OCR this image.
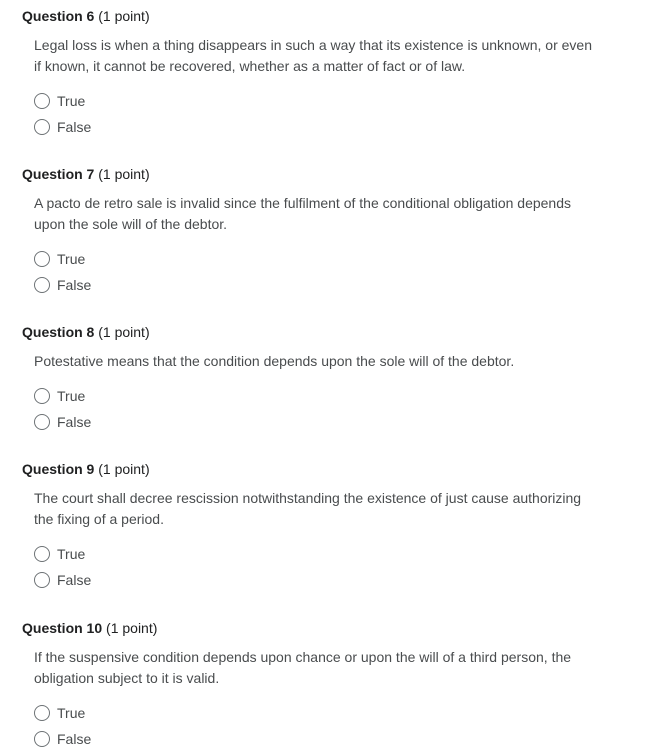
Question 6 (1 point)
Legal loss is when a thing disappears in such a way that its existence is unknown, or even if known, it cannot be recovered, whether as a matter of fact or of law.
True
False
Question 7 (1 point)
A pacto de retro sale is invalid since the fulfilment of the conditional obligation depends upon the sole will of the debtor.
True
False
Question 8 (1 point)
Potestative means that the condition depends upon the sole will of the debtor.
True
False
Question 9 (1 point)
The court shall decree rescission notwithstanding the existence of just cause authorizing the fixing of a period.
True
False
Question 10 (1 point)
If the suspensive condition depends upon chance or upon the will of a third person, the obligation subject to it is valid.
True
False
